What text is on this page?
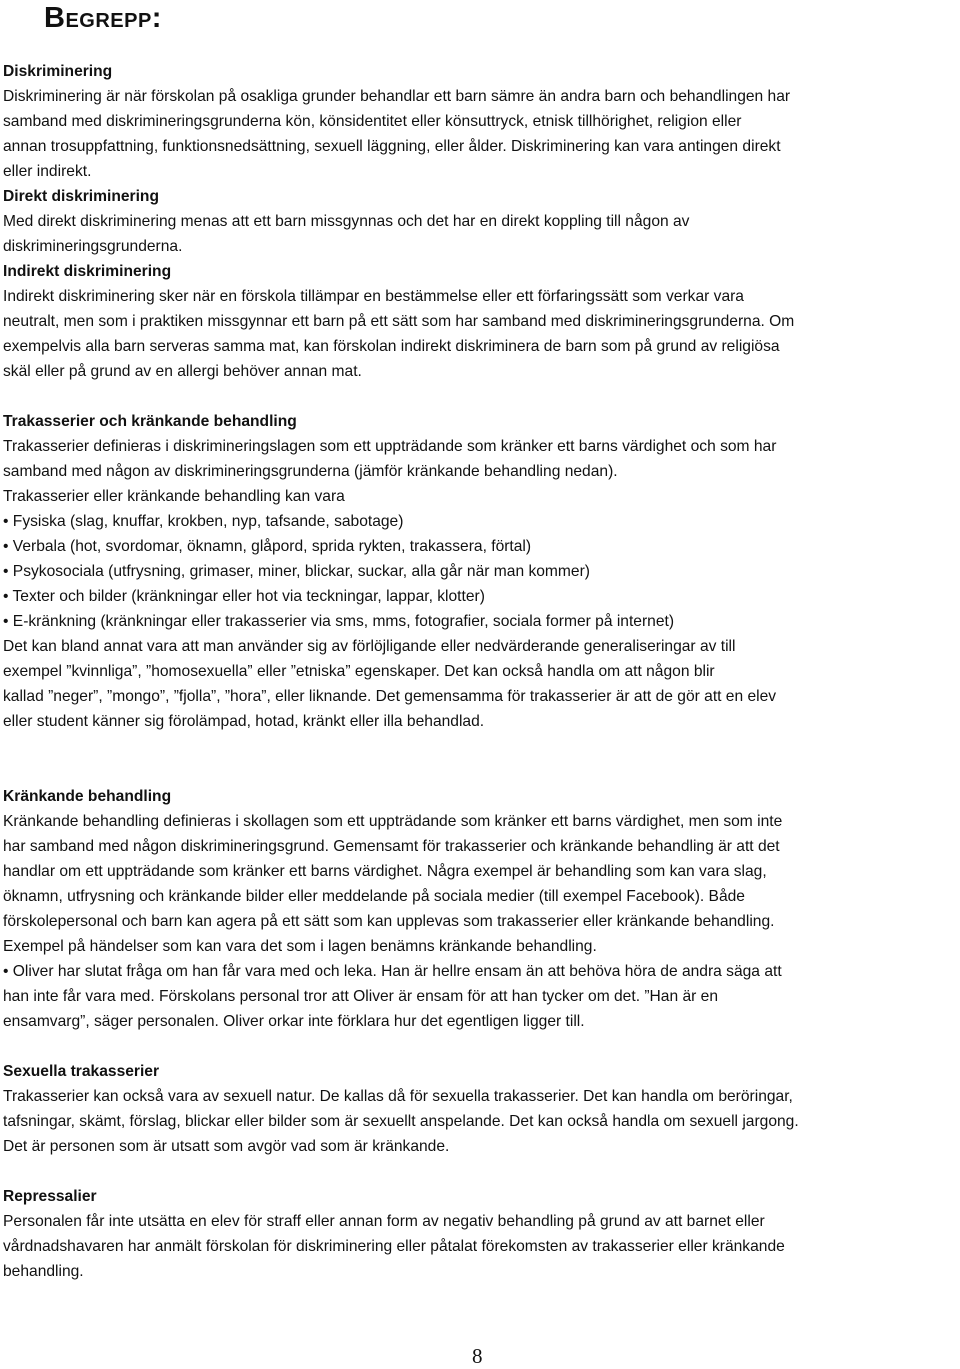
Begrepp:

Diskriminering

Diskriminering är när förskolan på osakliga grunder behandlar ett barn sämre än andra barn och behandlingen har

samband med diskrimineringsgrunderna kön, könsidentitet eller könsuttryck, etnisk tillhörighet, religion eller

annan trosuppfattning, funktionsnedsättning, sexuell läggning, eller ålder. Diskriminering kan vara antingen direkt

eller indirekt.

Direkt diskriminering

Med direkt diskriminering menas att ett barn missgynnas och det har en direkt koppling till någon av

diskrimineringsgrunderna.

Indirekt diskriminering

Indirekt diskriminering sker när en förskola tillämpar en bestämmelse eller ett förfaringssätt som verkar vara

neutralt, men som i praktiken missgynnar ett barn på ett sätt som har samband med diskrimineringsgrunderna. Om

exempelvis alla barn serveras samma mat, kan förskolan indirekt diskriminera de barn som på grund av religiösa

skäl eller på grund av en allergi behöver annan mat.

Trakasserier och kränkande behandling

Trakasserier definieras i diskrimineringslagen som ett uppträdande som kränker ett barns värdighet och som har

samband med någon av diskrimineringsgrunderna (jämför kränkande behandling nedan).

Trakasserier eller kränkande behandling kan vara

• Fysiska (slag, knuffar, krokben, nyp, tafsande, sabotage)

• Verbala (hot, svordomar, öknamn, glåpord, sprida rykten, trakassera, förtal)

• Psykosociala (utfrysning, grimaser, miner, blickar, suckar, alla går när man kommer)

• Texter och bilder (kränkningar eller hot via teckningar, lappar, klotter)

• E-kränkning (kränkningar eller trakasserier via sms, mms, fotografier, sociala former på internet)

Det kan bland annat vara att man använder sig av förlöjligande eller nedvärderande generaliseringar av till

exempel ”kvinnliga”, ”homosexuella” eller ”etniska” egenskaper. Det kan också handla om att någon blir

kallad ”neger”, ”mongo”, ”fjolla”, ”hora”, eller liknande. Det gemensamma för trakasserier är att de gör att en elev

eller student känner sig förolämpad, hotad, kränkt eller illa behandlad.

Kränkande behandling

Kränkande behandling definieras i skollagen som ett uppträdande som kränker ett barns värdighet, men som inte

har samband med någon diskrimineringsgrund. Gemensamt för trakasserier och kränkande behandling är att det

handlar om ett uppträdande som kränker ett barns värdighet. Några exempel är behandling som kan vara slag,

öknamn, utfrysning och kränkande bilder eller meddelande på sociala medier (till exempel Facebook). Både

förskolepersonal och barn kan agera på ett sätt som kan upplevas som trakasserier eller kränkande behandling.

Exempel på händelser som kan vara det som i lagen benämns kränkande behandling.

• Oliver har slutat fråga om han får vara med och leka. Han är hellre ensam än att behöva höra de andra säga att

han inte får vara med. Förskolans personal tror att Oliver är ensam för att han tycker om det. ”Han är en

ensamvarg”, säger personalen. Oliver orkar inte förklara hur det egentligen ligger till.

Sexuella trakasserier

Trakasserier kan också vara av sexuell natur. De kallas då för sexuella trakasserier. Det kan handla om beröringar,

tafsningar, skämt, förslag, blickar eller bilder som är sexuellt anspelande. Det kan också handla om sexuell jargong.

Det är personen som är utsatt som avgör vad som är kränkande.

Repressalier

Personalen får inte utsätta en elev för straff eller annan form av negativ behandling på grund av att barnet eller

vårdnadshavaren har anmält förskolan för diskriminering eller påtalat förekomsten av trakasserier eller kränkande

behandling.

8
